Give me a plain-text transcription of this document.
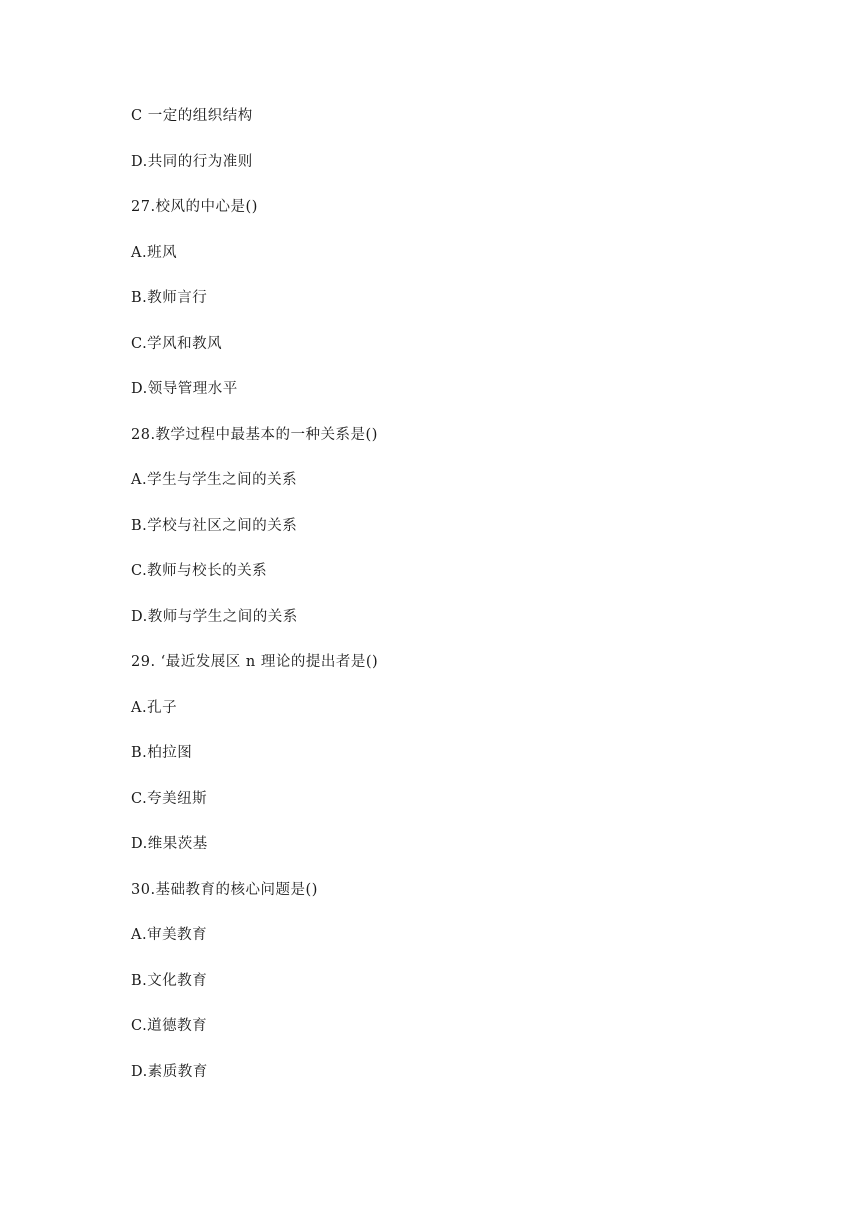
C 一定的组织结构
D.共同的行为准则
27.校风的中心是()
A.班风
B.教师言行
C.学风和教风
D.领导管理水平
28.教学过程中最基本的一种关系是()
A.学生与学生之间的关系
B.学校与社区之间的关系
C.教师与校长的关系
D.教师与学生之间的关系
29. ‘最近发展区 n 理论的提出者是()
A.孔子
B.柏拉图
C.夸美纽斯
D.维果茨基
30.基础教育的核心问题是()
A.审美教育
B.文化教育
C.道德教育
D.素质教育
